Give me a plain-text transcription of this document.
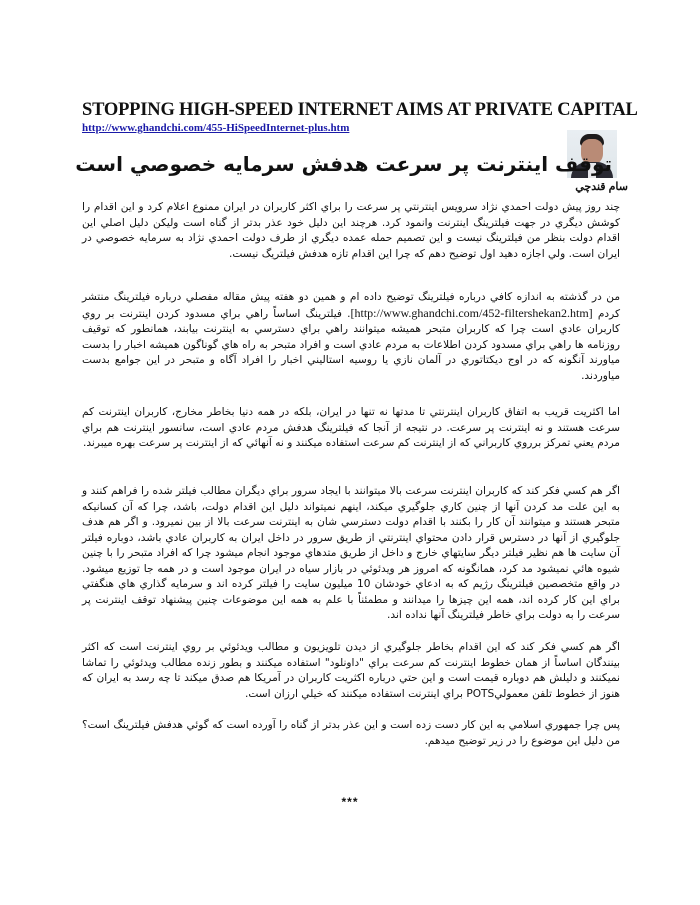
STOPPING HIGH-SPEED INTERNET AIMS AT PRIVATE CAPITAL
http://www.ghandchi.com/455-HiSpeedInternet-plus.htm
توقف اينترنت پر سرعت هدفش سرمايه خصوصي است
سام قندچي

چند روز پيش دولت احمدي نژاد سرويس اينترنتي پر سرعت را براي اكثر كاربران در ايران ممنوع اعلام كرد و اين اقدام را كوشش ديگري در جهت فيلترينگ اينترنت وانمود كرد. هرچند اين دليل خود عذر بدتر از گناه است وليكن دليل اصلي اين اقدام دولت بنظر من فيلترينگ نيست و اين تصميم حمله عمده ديگري از طرف دولت احمدي نژاد به سرمايه خصوصي در ايران است. ولي اجازه دهيد اول توضيح دهم كه چرا اين اقدام تازه هدفش فيلتريگ نيست.

من در گذشته به اندازه كافي درباره فيلترينگ توضيح داده ام و همين دو هفته پيش مقاله مفصلي درباره فيلترينگ منتشر كردم [http://www.ghandchi.com/452-filtershekan2.htm]. فيلترينگ اساساً راهي براي مسدود كردن اينترنت بر روي كاربران عادي است چرا كه كاربران متبحر هميشه ميتوانند راهي براي دسترسي به اينترنت بيابند، همانطور كه توقيف روزنامه ها راهي براي مسدود كردن اطلاعات به مردم عادي است و افراد متبحر به راه هاي گوناگون هميشه اخبار را بدست مياورند آنگونه كه در اوج ديكتاتوري در آلمان نازي يا روسيه استاليني اخبار را افراد آگاه و متبحر در اين جوامع بدست مياوردند.

اما اكثريت قريب به اتفاق كاربران اينترنتي تا مدتها نه تنها در ايران، بلكه در همه دنيا بخاطر مخارج، كاربران اينترنت كم سرعت هستند و نه اينترنت پر سرعت. در نتيجه از آنجا كه فيلترينگ هدفش مردم عادي است، سانسور اينترنت هم براي مردم يعني تمركز برروي كاربراني كه از اينترنت كم سرعت استفاده ميكنند و نه آنهائي كه از اينترنت پر سرعت بهره ميبرند.

اگر هم كسي فكر كند كه كاربران اينترنت سرعت بالا ميتوانند با ايجاد سرور براي ديگران مطالب فيلتر شده را فراهم كنند و به اين علت مد كردن آنها از چنين كاري جلوگيري ميكند، اينهم نميتواند دليل اين اقدام دولت، باشد، چرا كه آن كسانيكه متبحر هستند و ميتوانند آن كار را بكنند با اقدام دولت دسترسي شان به اينترنت سرعت بالا از بين نميرود. و اگر هم هدف جلوگيري از آنها در دسترس قرار دادن محتواي اينترنتي از طريق سرور در داخل ايران به كاربران عادي باشد، دوباره فيلتر آن سايت ها هم نظير فيلتر ديگر سايتهاي خارج و داخل از طريق متدهاي موجود انجام ميشود چرا كه افراد متبحر را با چنين شيوه هائي نميشود مد كرد، همانگونه كه امروز هر ويدئوئي در بازار سياه در ايران موجود است و در همه جا توزيع ميشود. در واقع متخصصين فيلترينگ رژيم كه به ادعاي خودشان 10 ميليون سايت را فيلتر كرده اند و سرمايه گذاري هاي هنگفتي براي اين كار كرده اند، همه اين چيزها را ميدانند و مطمئناً با علم به همه اين موضوعات چنين پيشنهاد توقف اينترنت پر سرعت را به دولت براي خاطر فيلترينگ آنها نداده اند.

اگر هم كسي فكر كند كه اين اقدام بخاطر جلوگيري از ديدن تلويزيون و مطالب ويدئوئي بر روي اينترنت است كه اكثر بينندگان اساساً از همان خطوط اينترنت كم سرعت براي "داونلود" استفاده ميكنند و بطور زنده مطالب ويدئوئي را تماشا نميكنند و دليلش هم دوباره قيمت است و اين حتي درباره اكثريت كاربران در آمريكا هم صدق ميكند تا چه رسد به ايران كه هنوز از خطوط تلفن معموليPOTS براي اينترنت استفاده ميكنند كه خيلي ارزان است.

پس چرا جمهوري اسلامي به اين كار دست زده است و اين عذر بدتر از گناه را آورده است كه گوئي هدفش فيلترينگ است؟ من دليل اين موضوع را در زير توضيح ميدهم.

***
